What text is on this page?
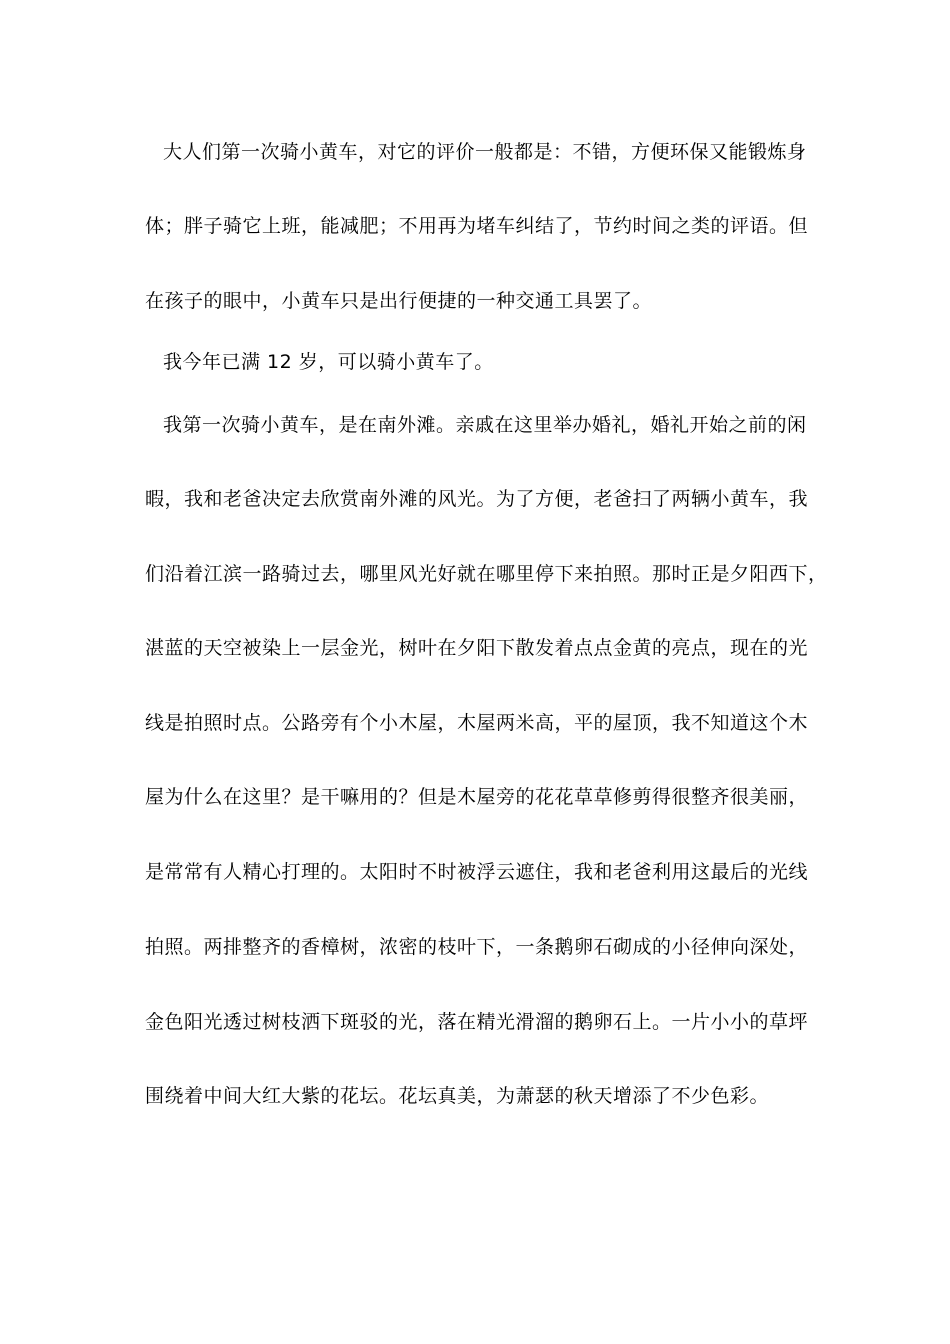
大人们第一次骑小黄车，对它的评价一般都是：不错，方便环保又能锻炼身
体；胖子骑它上班，能减肥；不用再为堵车纠结了，节约时间之类的评语。但
在孩子的眼中，小黄车只是出行便捷的一种交通工具罢了。
我今年已满 12 岁，可以骑小黄车了。
我第一次骑小黄车，是在南外滩。亲戚在这里举办婚礼，婚礼开始之前的闲
暇，我和老爸决定去欣赏南外滩的风光。为了方便，老爸扫了两辆小黄车，我
们沿着江滨一路骑过去，哪里风光好就在哪里停下来拍照。那时正是夕阳西下，
湛蓝的天空被染上一层金光，树叶在夕阳下散发着点点金黄的亮点，现在的光
线是拍照时点。公路旁有个小木屋，木屋两米高，平的屋顶，我不知道这个木
屋为什么在这里？是干嘛用的？但是木屋旁的花花草草修剪得很整齐很美丽，
是常常有人精心打理的。太阳时不时被浮云遮住，我和老爸利用这最后的光线
拍照。两排整齐的香樟树，浓密的枝叶下，一条鹅卵石砌成的小径伸向深处，
金色阳光透过树枝洒下斑驳的光，落在精光滑溜的鹅卵石上。一片小小的草坪
围绕着中间大红大紫的花坛。花坛真美，为萧瑟的秋天增添了不少色彩。
